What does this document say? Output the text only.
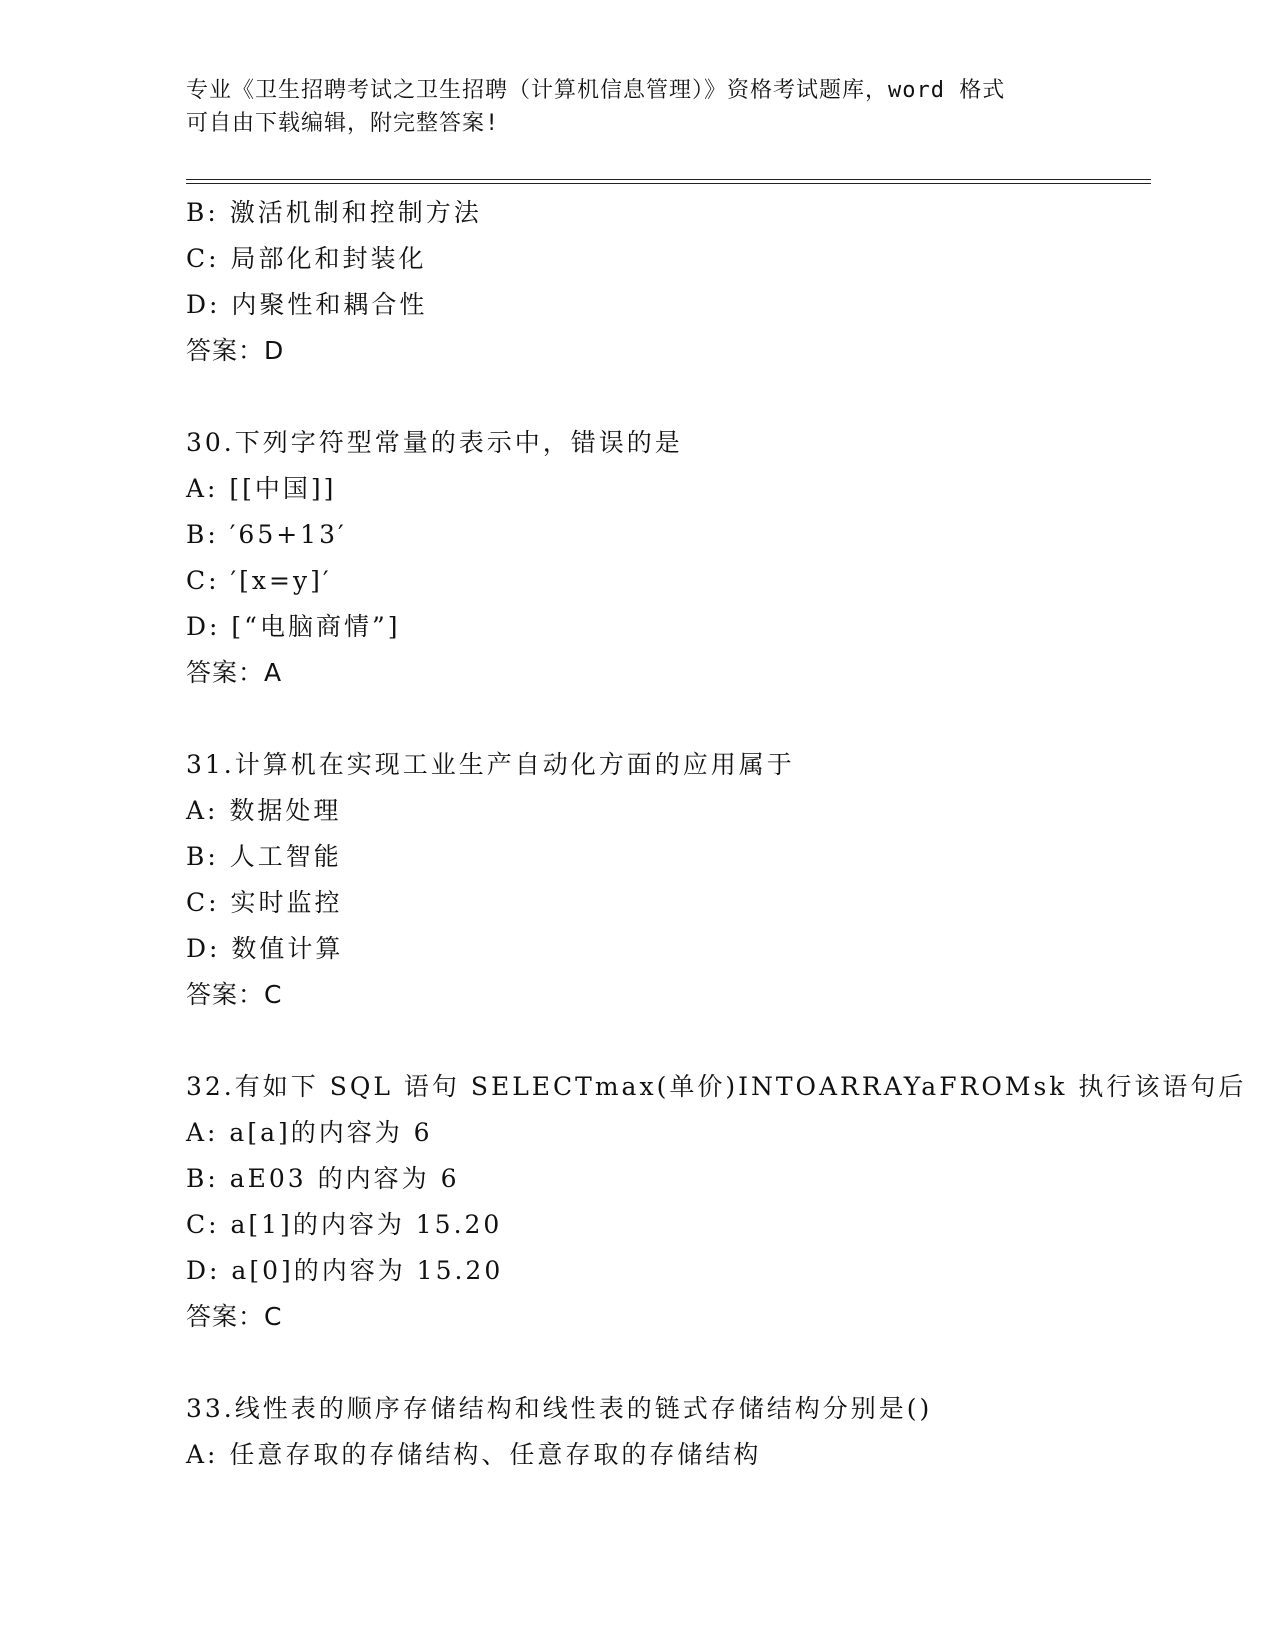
专业《卫生招聘考试之卫生招聘（计算机信息管理）》资格考试题库，word 格式
可自由下载编辑，附完整答案!
B: 激活机制和控制方法
C: 局部化和封装化
D: 内聚性和耦合性
答案：D
30.下列字符型常量的表示中，错误的是
A: [[中国]]
B: ′65+13′
C: ′[x=y]′
D: [“电脑商情”]
答案：A
31.计算机在实现工业生产自动化方面的应用属于
A: 数据处理
B: 人工智能
C: 实时监控
D: 数值计算
答案：C
32.有如下 SQL 语句 SELECTmax(单价)INTOARRAYaFROMsk 执行该语句后
A: a[a]的内容为 6
B: aE03 的内容为 6
C: a[1]的内容为 15.20
D: a[0]的内容为 15.20
答案：C
33.线性表的顺序存储结构和线性表的链式存储结构分别是()
A: 任意存取的存储结构、任意存取的存储结构
